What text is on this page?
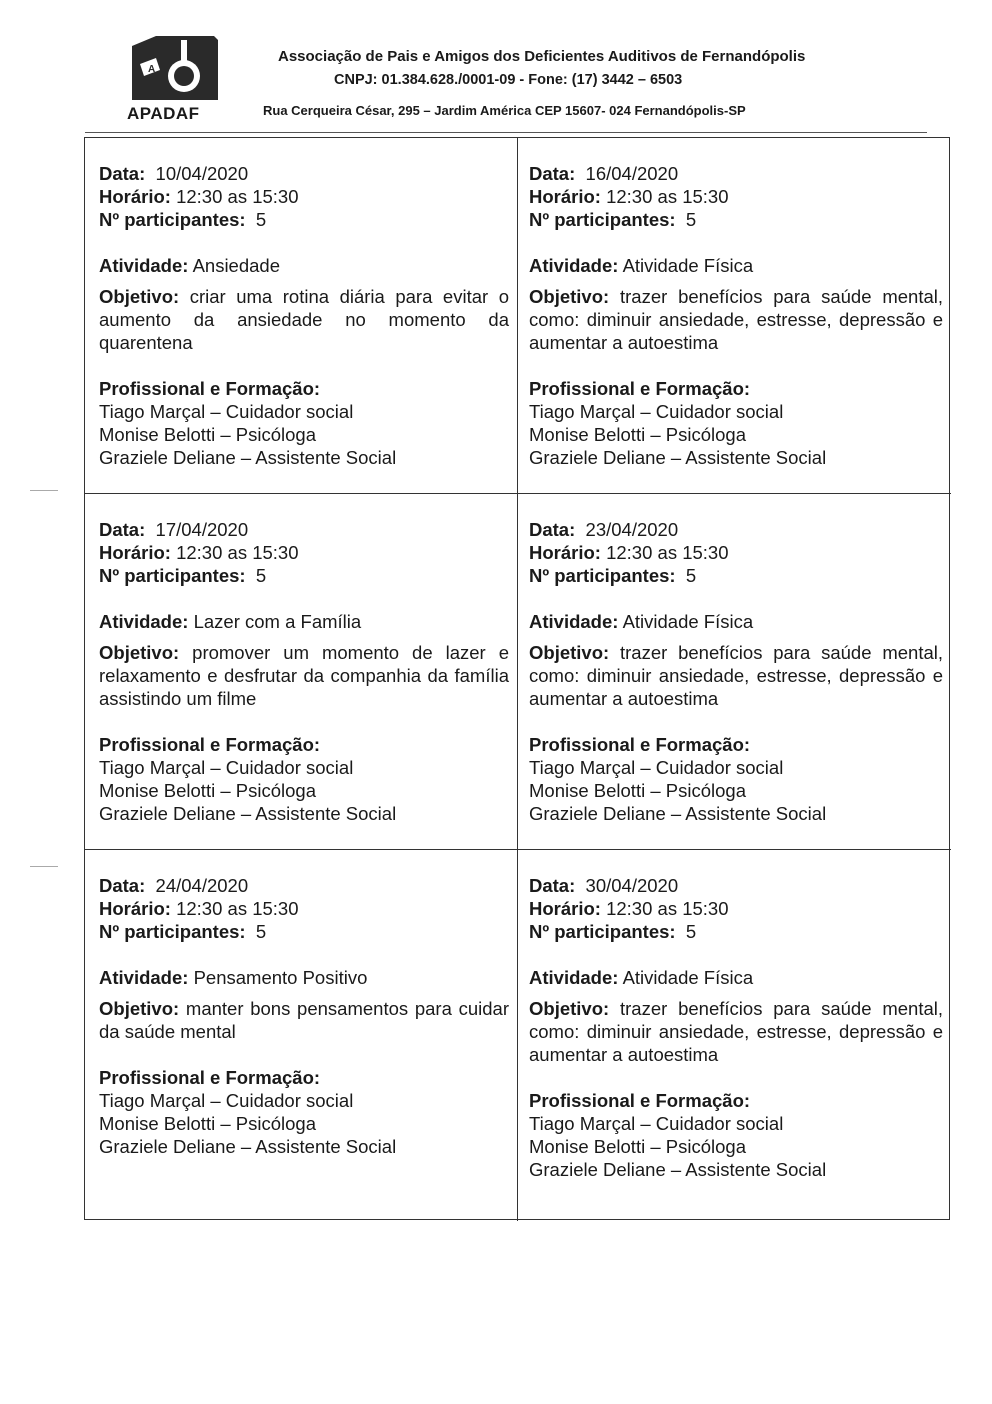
A
APADAF
Associação de Pais e Amigos dos Deficientes Auditivos de Fernandópolis
CNPJ: 01.384.628./0001-09 - Fone: (17) 3442 – 6503
Rua Cerqueira César, 295 – Jardim América CEP 15607- 024 Fernandópolis-SP
Data: 10/04/2020
Horário: 12:30 as 15:30
Nº participantes: 5
Atividade: Ansiedade
Objetivo: criar uma rotina diária para evitar o aumento da ansiedade no momento da quarentena
Profissional e Formação:
Tiago Marçal – Cuidador social
Monise Belotti – Psicóloga
Graziele Deliane – Assistente Social
Data: 16/04/2020
Horário: 12:30 as 15:30
Nº participantes: 5
Atividade: Atividade Física
Objetivo: trazer benefícios para saúde mental, como: diminuir ansiedade, estresse, depressão e aumentar a autoestima
Profissional e Formação:
Tiago Marçal – Cuidador social
Monise Belotti – Psicóloga
Graziele Deliane – Assistente Social
Data: 17/04/2020
Horário: 12:30 as 15:30
Nº participantes: 5
Atividade: Lazer com a Família
Objetivo: promover um momento de lazer e relaxamento e desfrutar da companhia da família assistindo um filme
Profissional e Formação:
Tiago Marçal – Cuidador social
Monise Belotti – Psicóloga
Graziele Deliane – Assistente Social
Data: 23/04/2020
Horário: 12:30 as 15:30
Nº participantes: 5
Atividade: Atividade Física
Objetivo: trazer benefícios para saúde mental, como: diminuir ansiedade, estresse, depressão e aumentar a autoestima
Profissional e Formação:
Tiago Marçal – Cuidador social
Monise Belotti – Psicóloga
Graziele Deliane – Assistente Social
Data: 24/04/2020
Horário: 12:30 as 15:30
Nº participantes: 5
Atividade: Pensamento Positivo
Objetivo: manter bons pensamentos para cuidar da saúde mental
Profissional e Formação:
Tiago Marçal – Cuidador social
Monise Belotti – Psicóloga
Graziele Deliane – Assistente Social
Data: 30/04/2020
Horário: 12:30 as 15:30
Nº participantes: 5
Atividade: Atividade Física
Objetivo: trazer benefícios para saúde mental, como: diminuir ansiedade, estresse, depressão e aumentar a autoestima
Profissional e Formação:
Tiago Marçal – Cuidador social
Monise Belotti – Psicóloga
Graziele Deliane – Assistente Social
